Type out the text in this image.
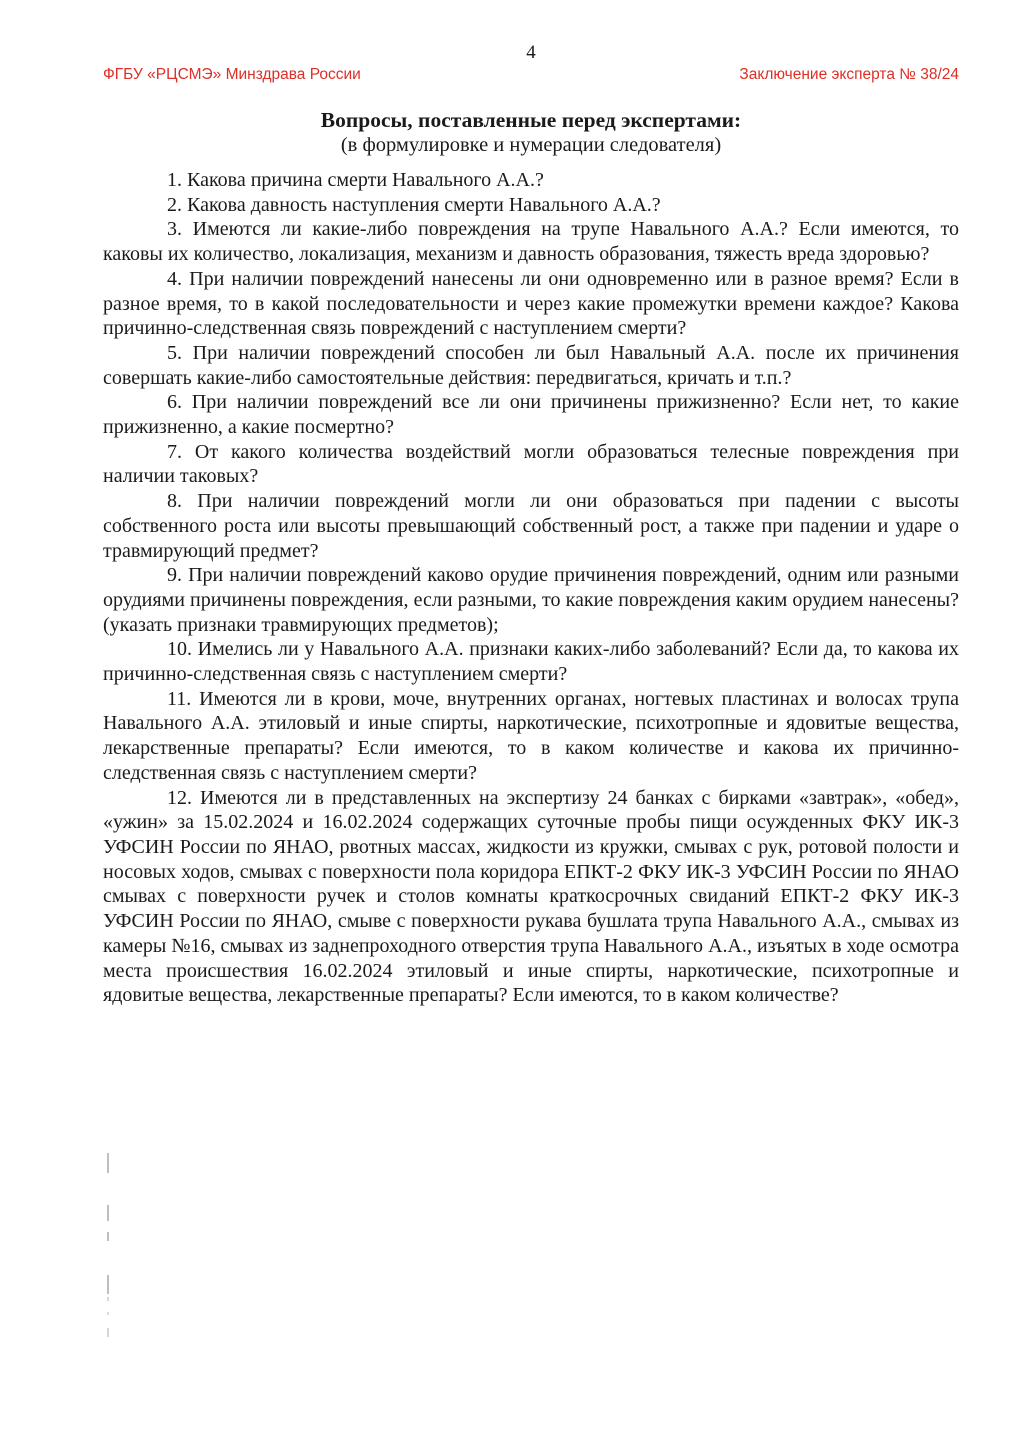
4
ФГБУ «РЦСМЭ» Минздрава России	Заключение эксперта № 38/24
Вопросы, поставленные перед экспертами:
(в формулировке и нумерации следователя)

1. Какова причина смерти Навального А.А.?

2. Какова давность наступления смерти Навального А.А.?

3. Имеются ли какие-либо повреждения на трупе Навального А.А.? Если имеются, то каковы их количество, локализация, механизм и давность образования, тяжесть вреда здоровью?

4. При наличии повреждений нанесены ли они одновременно или в разное время? Если в разное время, то в какой последовательности и через какие промежутки времени каждое? Какова причинно-следственная связь повреждений с наступлением смерти?

5. При наличии повреждений способен ли был Навальный А.А. после их причинения совершать какие-либо самостоятельные действия: передвигаться, кричать и т.п.?

6. При наличии повреждений все ли они причинены прижизненно? Если нет, то какие прижизненно, а какие посмертно?

7. От какого количества воздействий могли образоваться телесные повреждения при наличии таковых?

8. При наличии повреждений могли ли они образоваться при падении с высоты собственного роста или высоты превышающий собственный рост, а также при падении и ударе о травмирующий предмет?

9. При наличии повреждений каково орудие причинения повреждений, одним или разными орудиями причинены повреждения, если разными, то какие повреждения каким орудием нанесены? (указать признаки травмирующих предметов);

10. Имелись ли у Навального А.А. признаки каких-либо заболеваний? Если да, то какова их причинно-следственная связь с наступлением смерти?

11. Имеются ли в крови, моче, внутренних органах, ногтевых пластинах и волосах трупа Навального А.А. этиловый и иные спирты, наркотические, психотропные и ядовитые вещества, лекарственные препараты? Если имеются, то в каком количестве и какова их причинно-следственная связь с наступлением смерти?

12. Имеются ли в представленных на экспертизу 24 банках с бирками «завтрак», «обед», «ужин» за 15.02.2024 и 16.02.2024 содержащих суточные пробы пищи осужденных ФКУ ИК-3 УФСИН России по ЯНАО, рвотных массах, жидкости из кружки, смывах с рук, ротовой полости и носовых ходов, смывах с поверхности пола коридора ЕПКТ-2 ФКУ ИК-3 УФСИН России по ЯНАО смывах с поверхности ручек и столов комнаты краткосрочных свиданий ЕПКТ-2 ФКУ ИК-3 УФСИН России по ЯНАО, смыве с поверхности рукава бушлата трупа Навального А.А., смывах из камеры №16, смывах из заднепроходного отверстия трупа Навального А.А., изъятых в ходе осмотра места происшествия 16.02.2024 этиловый и иные спирты, наркотические, психотропные и ядовитые вещества, лекарственные препараты? Если имеются, то в каком количестве?
